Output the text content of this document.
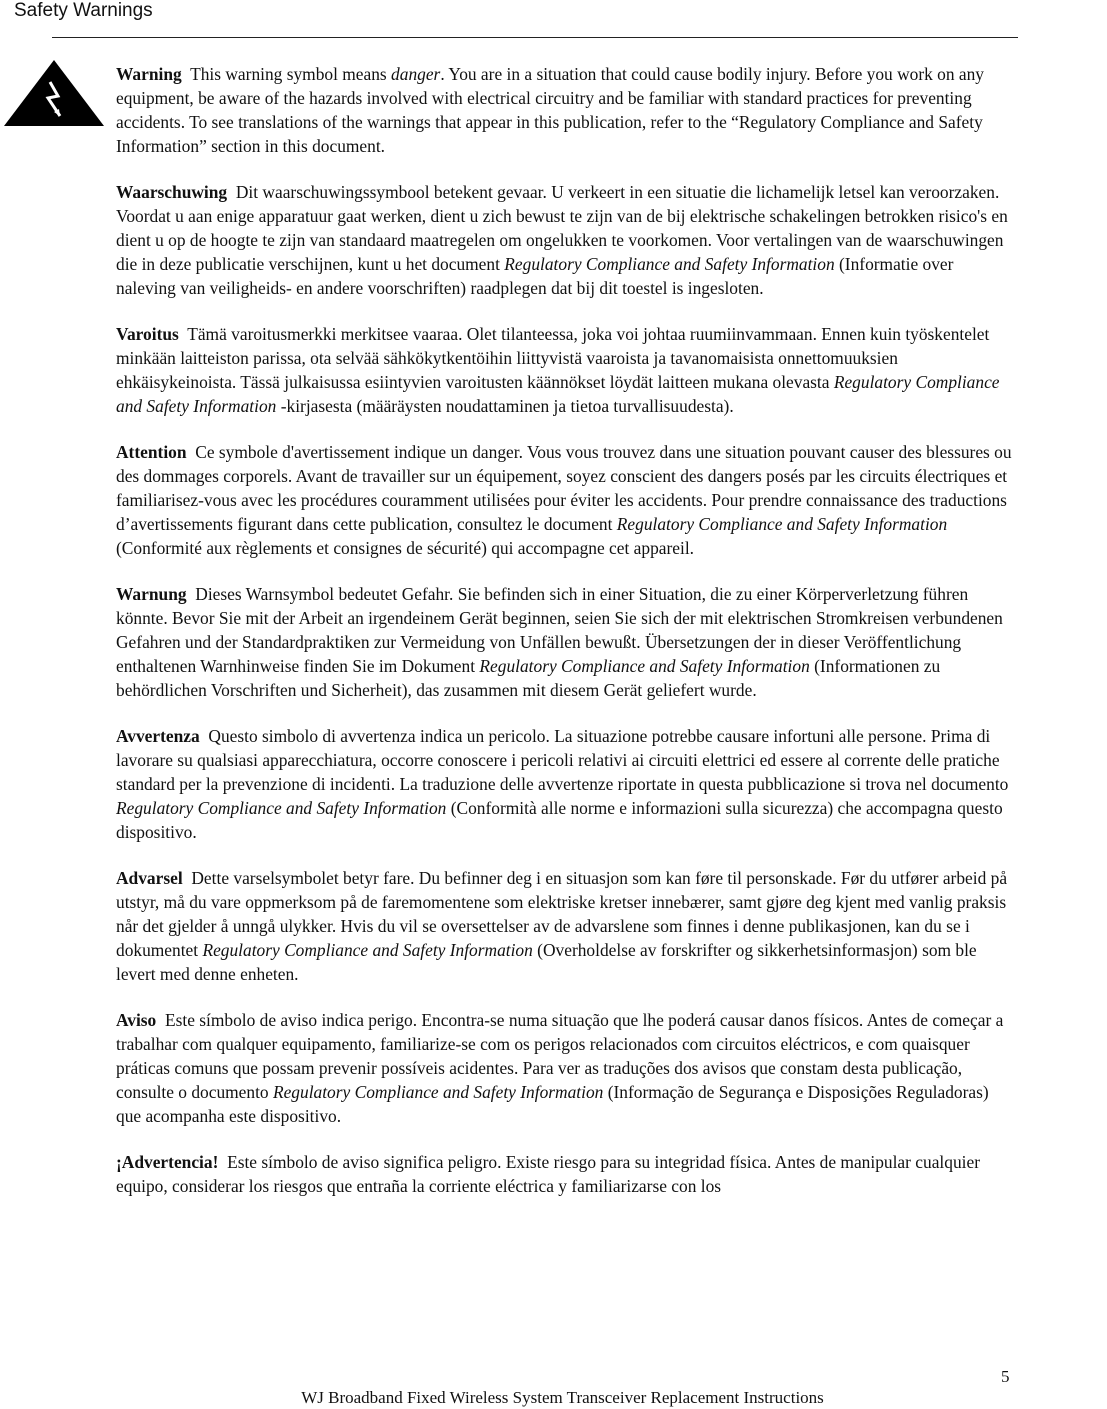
Safety Warnings

Warning This warning symbol means danger. You are in a situation that could cause bodily injury. Before you work on any equipment, be aware of the hazards involved with electrical circuitry and be familiar with standard practices for preventing accidents. To see translations of the warnings that appear in this publication, refer to the “Regulatory Compliance and Safety Information” section in this document.

Waarschuwing Dit waarschuwingssymbool betekent gevaar. U verkeert in een situatie die lichamelijk letsel kan veroorzaken. Voordat u aan enige apparatuur gaat werken, dient u zich bewust te zijn van de bij elektrische schakelingen betrokken risico's en dient u op de hoogte te zijn van standaard maatregelen om ongelukken te voorkomen. Voor vertalingen van de waarschuwingen die in deze publicatie verschijnen, kunt u het document Regulatory Compliance and Safety Information (Informatie over naleving van veiligheids- en andere voorschriften) raadplegen dat bij dit toestel is ingesloten.

Varoitus Tämä varoitusmerkki merkitsee vaaraa. Olet tilanteessa, joka voi johtaa ruumiinvammaan. Ennen kuin työskentelet minkään laitteiston parissa, ota selvää sähkökytkentöihin liittyvistä vaaroista ja tavanomaisista onnettomuuksien ehkäisykeinoista. Tässä julkaisussa esiintyvien varoitusten käännökset löydät laitteen mukana olevasta Regulatory Compliance and Safety Information -kirjasesta (määräysten noudattaminen ja tietoa turvallisuudesta).

Attention Ce symbole d'avertissement indique un danger. Vous vous trouvez dans une situation pouvant causer des blessures ou des dommages corporels. Avant de travailler sur un équipement, soyez conscient des dangers posés par les circuits électriques et familiarisez-vous avec les procédures couramment utilisées pour éviter les accidents. Pour prendre connaissance des traductions d’avertissements figurant dans cette publication, consultez le document Regulatory Compliance and Safety Information (Conformité aux règlements et consignes de sécurité) qui accompagne cet appareil.

Warnung Dieses Warnsymbol bedeutet Gefahr. Sie befinden sich in einer Situation, die zu einer Körperverletzung führen könnte. Bevor Sie mit der Arbeit an irgendeinem Gerät beginnen, seien Sie sich der mit elektrischen Stromkreisen verbundenen Gefahren und der Standardpraktiken zur Vermeidung von Unfällen bewußt. Übersetzungen der in dieser Veröffentlichung enthaltenen Warnhinweise finden Sie im Dokument Regulatory Compliance and Safety Information (Informationen zu behördlichen Vorschriften und Sicherheit), das zusammen mit diesem Gerät geliefert wurde.

Avvertenza Questo simbolo di avvertenza indica un pericolo. La situazione potrebbe causare infortuni alle persone. Prima di lavorare su qualsiasi apparecchiatura, occorre conoscere i pericoli relativi ai circuiti elettrici ed essere al corrente delle pratiche standard per la prevenzione di incidenti. La traduzione delle avvertenze riportate in questa pubblicazione si trova nel documento Regulatory Compliance and Safety Information (Conformità alle norme e informazioni sulla sicurezza) che accompagna questo dispositivo.

Advarsel Dette varselsymbolet betyr fare. Du befinner deg i en situasjon som kan føre til personskade. Før du utfører arbeid på utstyr, må du vare oppmerksom på de faremomentene som elektriske kretser innebærer, samt gjøre deg kjent med vanlig praksis når det gjelder å unngå ulykker. Hvis du vil se oversettelser av de advarslene som finnes i denne publikasjonen, kan du se i dokumentet Regulatory Compliance and Safety Information (Overholdelse av forskrifter og sikkerhetsinformasjon) som ble levert med denne enheten.

Aviso Este símbolo de aviso indica perigo. Encontra-se numa situação que lhe poderá causar danos físicos. Antes de começar a trabalhar com qualquer equipamento, familiarize-se com os perigos relacionados com circuitos eléctricos, e com quaisquer práticas comuns que possam prevenir possíveis acidentes. Para ver as traduções dos avisos que constam desta publicação, consulte o documento Regulatory Compliance and Safety Information (Informação de Segurança e Disposições Reguladoras) que acompanha este dispositivo.

¡Advertencia! Este símbolo de aviso significa peligro. Existe riesgo para su integridad física. Antes de manipular cualquier equipo, considerar los riesgos que entraña la corriente eléctrica y familiarizarse con los

5
WJ Broadband Fixed Wireless System Transceiver Replacement Instructions
